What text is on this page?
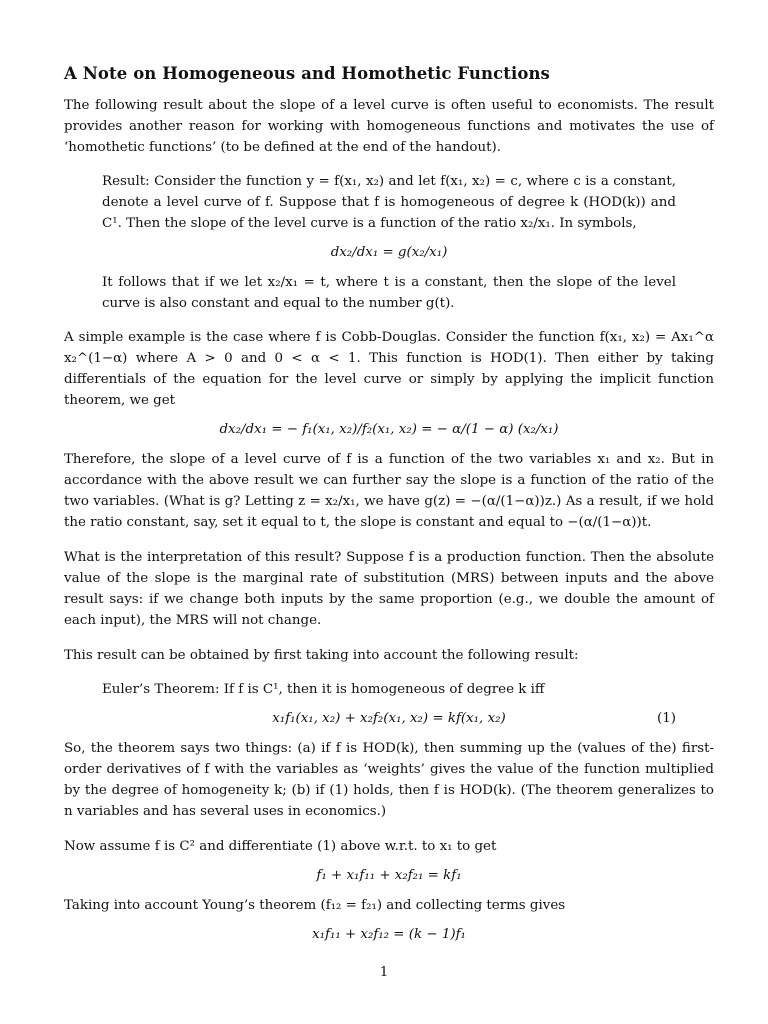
A Note on Homogeneous and Homothetic Functions

The following result about the slope of a level curve is often useful to economists. The result provides another reason for working with homogeneous functions and motivates the use of ‘homothetic functions’ (to be defined at the end of the handout).

Result: Consider the function y = f(x₁, x₂) and let f(x₁, x₂) = c, where c is a constant, denote a level curve of f. Suppose that f is homogeneous of degree k (HOD(k)) and C¹. Then the slope of the level curve is a function of the ratio x₂/x₁. In symbols,

dx₂/dx₁ = g(x₂/x₁)

It follows that if we let x₂/x₁ = t, where t is a constant, then the slope of the level curve is also constant and equal to the number g(t).

A simple example is the case where f is Cobb-Douglas. Consider the function f(x₁, x₂) = Ax₁^α x₂^(1−α) where A > 0 and 0 < α < 1. This function is HOD(1). Then either by taking differentials of the equation for the level curve or simply by applying the implicit function theorem, we get

dx₂/dx₁ = − f₁(x₁, x₂)/f₂(x₁, x₂) = − α/(1 − α) (x₂/x₁)

Therefore, the slope of a level curve of f is a function of the two variables x₁ and x₂. But in accordance with the above result we can further say the slope is a function of the ratio of the two variables. (What is g? Letting z = x₂/x₁, we have g(z) = −(α/(1−α))z.) As a result, if we hold the ratio constant, say, set it equal to t, the slope is constant and equal to −(α/(1−α))t.

What is the interpretation of this result? Suppose f is a production function. Then the absolute value of the slope is the marginal rate of substitution (MRS) between inputs and the above result says: if we change both inputs by the same proportion (e.g., we double the amount of each input), the MRS will not change.

This result can be obtained by first taking into account the following result:

Euler’s Theorem: If f is C¹, then it is homogeneous of degree k iff

x₁f₁(x₁, x₂) + x₂f₂(x₁, x₂) = kf(x₁, x₂)	(1)

So, the theorem says two things: (a) if f is HOD(k), then summing up the (values of the) first-order derivatives of f with the variables as ‘weights’ gives the value of the function multiplied by the degree of homogeneity k; (b) if (1) holds, then f is HOD(k). (The theorem generalizes to n variables and has several uses in economics.)

Now assume f is C² and differentiate (1) above w.r.t. to x₁ to get

f₁ + x₁f₁₁ + x₂f₂₁ = kf₁

Taking into account Young’s theorem (f₁₂ = f₂₁) and collecting terms gives

x₁f₁₁ + x₂f₁₂ = (k − 1)f₁
1
